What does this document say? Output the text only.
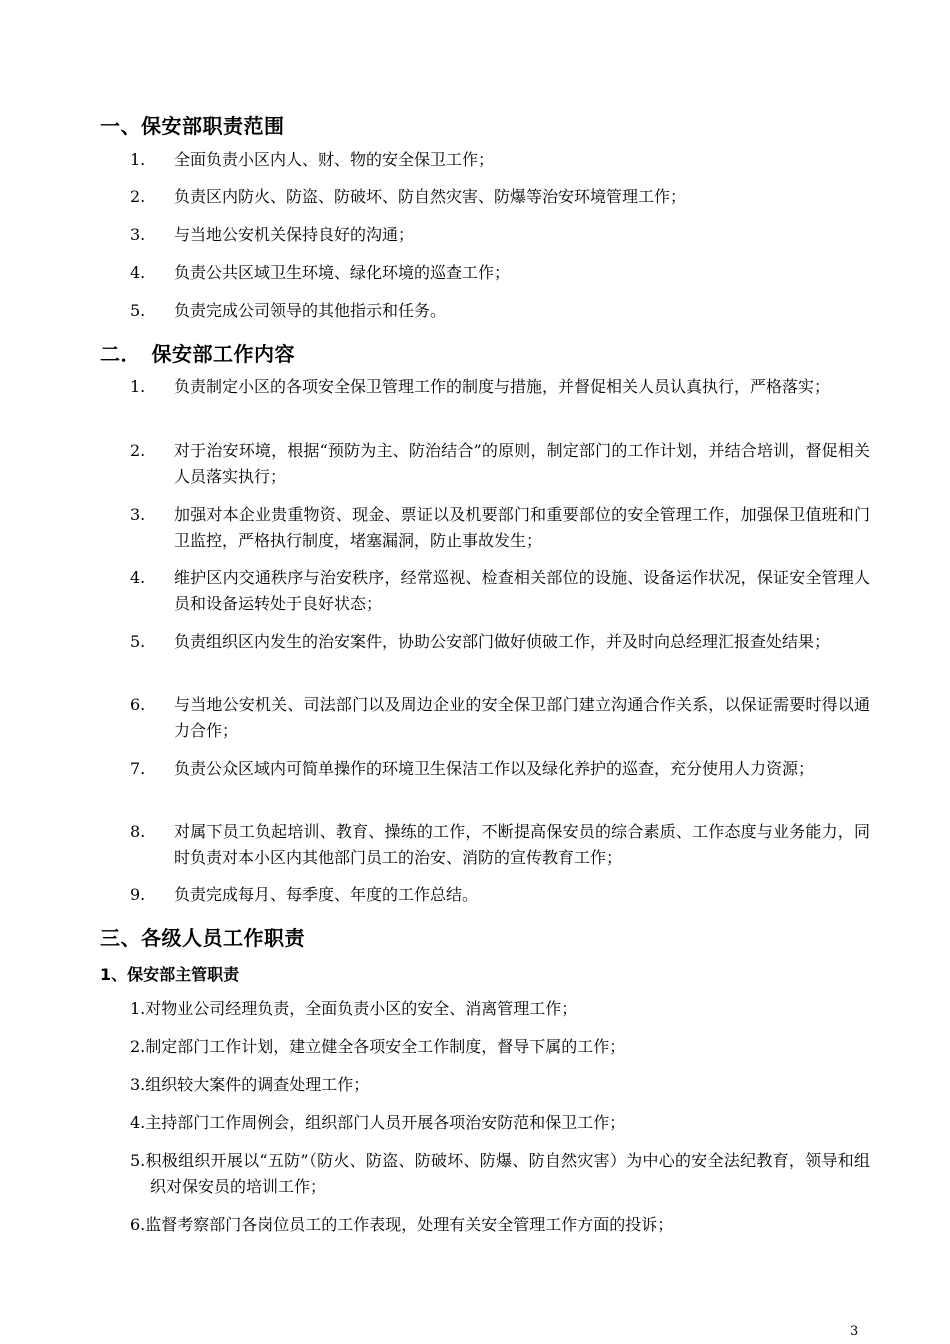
一、保安部职责范围
1.	全面负责小区内人、财、物的安全保卫工作；
2.	负责区内防火、防盗、防破坏、防自然灾害、防爆等治安环境管理工作；
3.	与当地公安机关保持良好的沟通；
4.	负责公共区域卫生环境、绿化环境的巡查工作；
5.	负责完成公司领导的其他指示和任务。
二．　保安部工作内容
1.	负责制定小区的各项安全保卫管理工作的制度与措施，并督促相关人员认真执行，严格落实；
2.	对于治安环境，根据“预防为主、防治结合”的原则，制定部门的工作计划，并结合培训，督促相关人员落实执行；
3.	加强对本企业贵重物资、现金、票证以及机要部门和重要部位的安全管理工作，加强保卫值班和门卫监控，严格执行制度，堵塞漏洞，防止事故发生；
4.	维护区内交通秩序与治安秩序，经常巡视、检查相关部位的设施、设备运作状况，保证安全管理人员和设备运转处于良好状态；
5.	负责组织区内发生的治安案件，协助公安部门做好侦破工作，并及时向总经理汇报查处结果；
6.	与当地公安机关、司法部门以及周边企业的安全保卫部门建立沟通合作关系，以保证需要时得以通力合作；
7.	负责公众区域内可简单操作的环境卫生保洁工作以及绿化养护的巡查，充分使用人力资源；
8.	对属下员工负起培训、教育、操练的工作，不断提高保安员的综合素质、工作态度与业务能力，同时负责对本小区内其他部门员工的治安、消防的宣传教育工作；
9.	负责完成每月、每季度、年度的工作总结。
三、各级人员工作职责
1、保安部主管职责
1.对物业公司经理负责，全面负责小区的安全、消离管理工作；
2.制定部门工作计划，建立健全各项安全工作制度，督导下属的工作；
3.组织较大案件的调查处理工作；
4.主持部门工作周例会，组织部门人员开展各项治安防范和保卫工作；
5.积极组织开展以“五防”（防火、防盗、防破坏、防爆、防自然灾害）为中心的安全法纪教育，领导和组织对保安员的培训工作；
6.监督考察部门各岗位员工的工作表现，处理有关安全管理工作方面的投诉；
3
